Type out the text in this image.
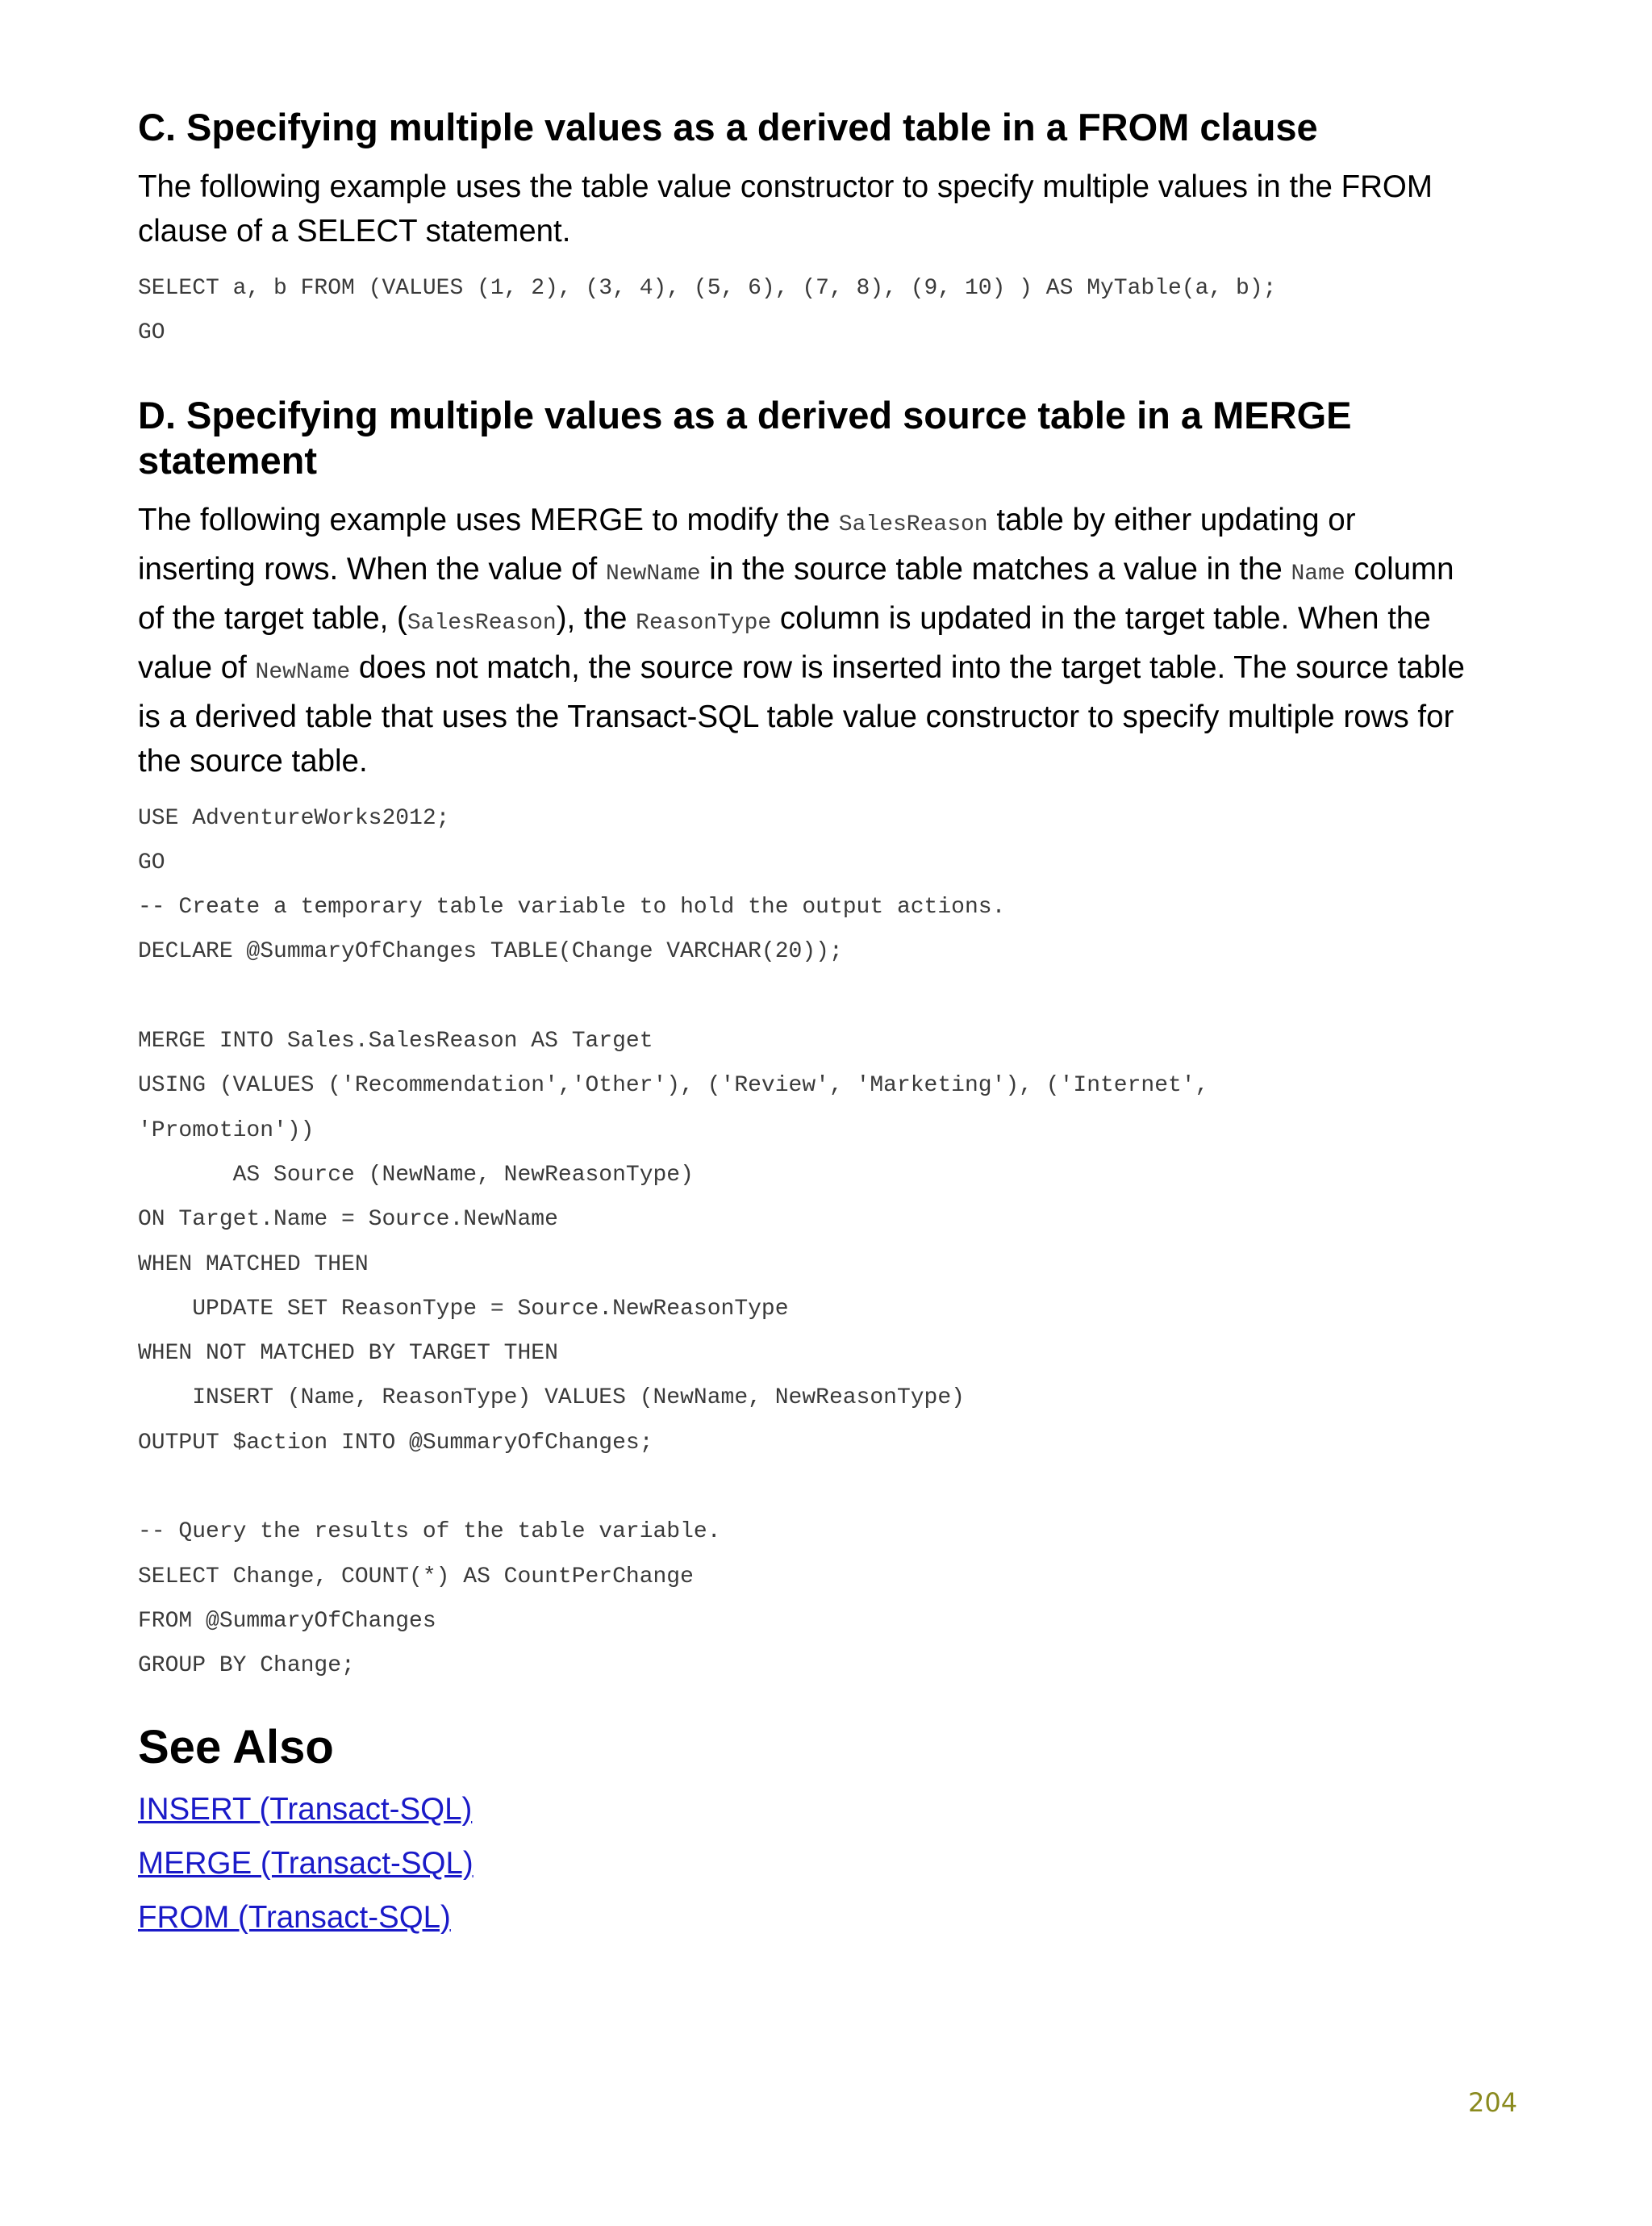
C. Specifying multiple values as a derived table in a FROM clause

The following example uses the table value constructor to specify multiple values in the FROM
clause of a SELECT statement.

SELECT a, b FROM (VALUES (1, 2), (3, 4), (5, 6), (7, 8), (9, 10) ) AS MyTable(a, b);
GO
D. Specifying multiple values as a derived source table in a MERGE
statement

The following example uses MERGE to modify the SalesReason table by either updating or
inserting rows. When the value of NewName in the source table matches a value in the Name column
of the target table, (SalesReason), the ReasonType column is updated in the target table. When the
value of NewName does not match, the source row is inserted into the target table. The source table
is a derived table that uses the Transact-SQL table value constructor to specify multiple rows for
the source table.

USE AdventureWorks2012;
GO
-- Create a temporary table variable to hold the output actions.
DECLARE @SummaryOfChanges TABLE(Change VARCHAR(20));
MERGE INTO Sales.SalesReason AS Target
USING (VALUES ('Recommendation','Other'), ('Review', 'Marketing'), ('Internet',
'Promotion'))
AS Source (NewName, NewReasonType)
ON Target.Name = Source.NewName
WHEN MATCHED THEN
UPDATE SET ReasonType = Source.NewReasonType
WHEN NOT MATCHED BY TARGET THEN
INSERT (Name, ReasonType) VALUES (NewName, NewReasonType)
OUTPUT $action INTO @SummaryOfChanges;
-- Query the results of the table variable.
SELECT Change, COUNT(*) AS CountPerChange
FROM @SummaryOfChanges
GROUP BY Change;
See Also
INSERT (Transact-SQL)
MERGE (Transact-SQL)
FROM (Transact-SQL)
204
